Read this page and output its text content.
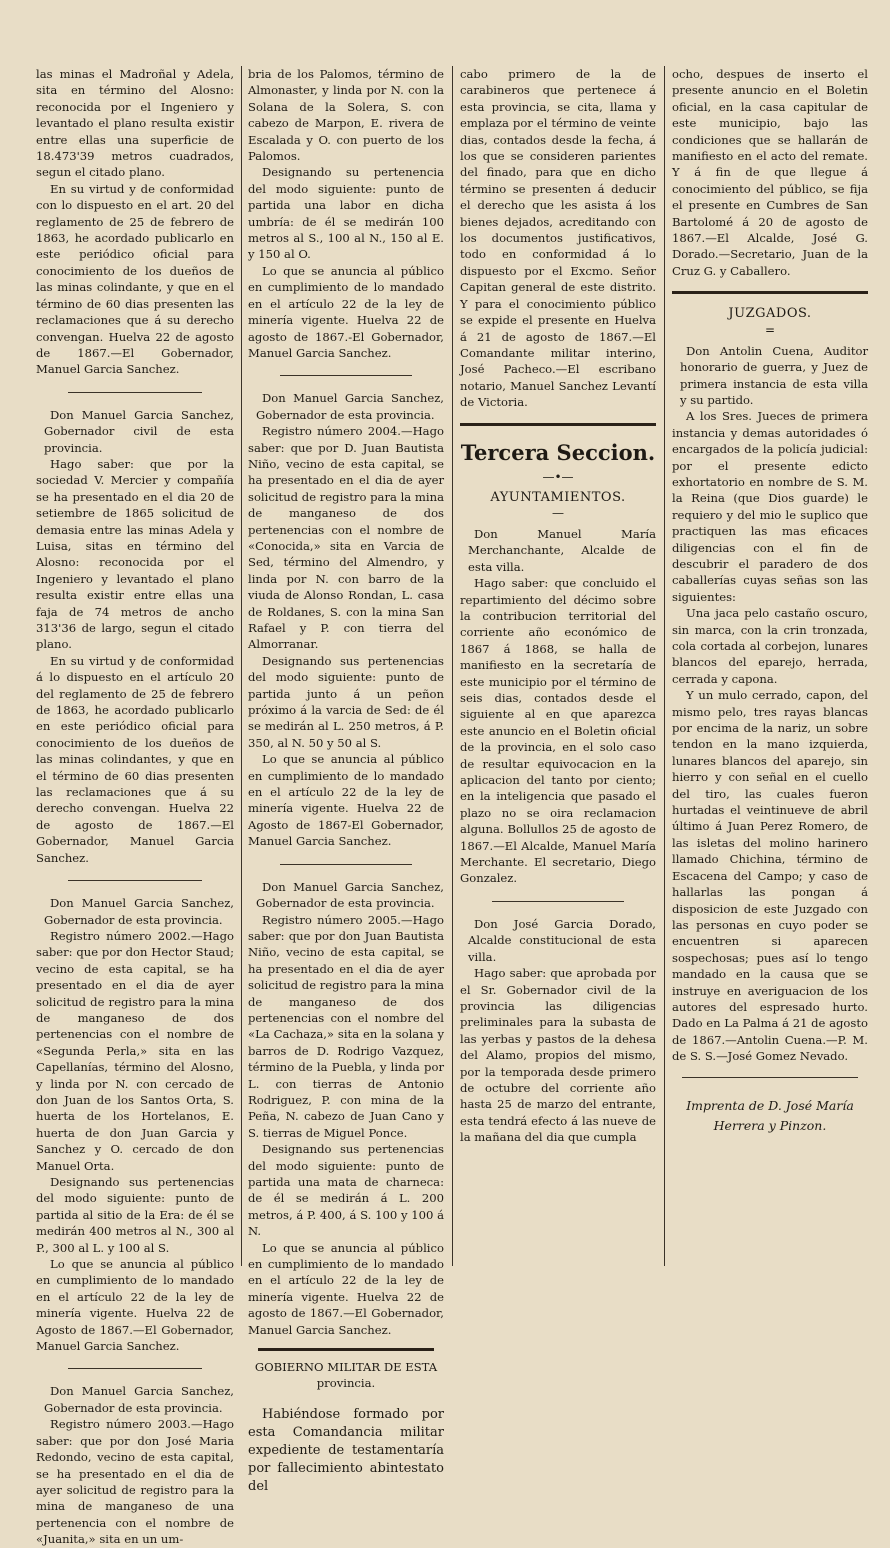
las minas el Madroñal y Adela, sita en término del Alosno: reconocida por el Ingeniero y levantado el plano resulta existir entre ellas una superficie de 18.473'39 metros cuadrados, segun el citado plano.

En su virtud y de conformidad con lo dispuesto en el art. 20 del reglamento de 25 de febrero de 1863, he acordado publicarlo en este periódico oficial para conocimiento de los dueños de las minas colindante, y que en el término de 60 dias presenten las reclamaciones que á su derecho convengan. Huelva 22 de agosto de 1867.—El Gobernador, Manuel Garcia Sanchez.

Don Manuel Garcia Sanchez, Gobernador civil de esta provincia.

Hago saber: que por la sociedad V. Mercier y compañía se ha presentado en el dia 20 de setiembre de 1865 solicitud de demasia entre las minas Adela y Luisa, sitas en término del Alosno: reconocida por el Ingeniero y levantado el plano resulta existir entre ellas una faja de 74 metros de ancho 313'36 de largo, segun el citado plano.

En su virtud y de conformidad á lo dispuesto en el artículo 20 del reglamento de 25 de febrero de 1863, he acordado publicarlo en este periódico oficial para conocimiento de los dueños de las minas colindantes, y que en el término de 60 dias presenten las reclamaciones que á su derecho convengan. Huelva 22 de agosto de 1867.—El Gobernador, Manuel Garcia Sanchez.

Don Manuel Garcia Sanchez, Gobernador de esta provincia.

Registro número 2002.—Hago saber: que por don Hector Staud; vecino de esta capital, se ha presentado en el dia de ayer solicitud de registro para la mina de manganeso de dos pertenencias con el nombre de «Segunda Perla,» sita en las Capellanías, término del Alosno, y linda por N. con cercado de don Juan de los Santos Orta, S. huerta de los Hortelanos, E. huerta de don Juan Garcia y Sanchez y O. cercado de don Manuel Orta.

Designando sus pertenencias del modo siguiente: punto de partida al sitio de la Era: de él se medirán 400 metros al N., 300 al P., 300 al L. y 100 al S.

Lo que se anuncia al público en cumplimiento de lo mandado en el artículo 22 de la ley de minería vigente. Huelva 22 de Agosto de 1867.—El Gobernador, Manuel Garcia Sanchez.

Don Manuel Garcia Sanchez, Gobernador de esta provincia.

Registro número 2003.—Hago saber: que por don José Maria Redondo, vecino de esta capital, se ha presentado en el dia de ayer solicitud de registro para la mina de manganeso de una pertenencia con el nombre de «Juanita,» sita en un um-

bria de los Palomos, término de Almonaster, y linda por N. con la Solana de la Solera, S. con cabezo de Marpon, E. rivera de Escalada y O. con puerto de los Palomos.

Designando su pertenencia del modo siguiente: punto de partida una labor en dicha umbría: de él se medirán 100 metros al S., 100 al N., 150 al E. y 150 al O.

Lo que se anuncia al público en cumplimiento de lo mandado en el artículo 22 de la ley de minería vigente. Huelva 22 de agosto de 1867.-El Gobernador, Manuel Garcia Sanchez.

Don Manuel Garcia Sanchez, Gobernador de esta provincia.

Registro número 2004.—Hago saber: que por D. Juan Bautista Niño, vecino de esta capital, se ha presentado en el dia de ayer solicitud de registro para la mina de manganeso de dos pertenencias con el nombre de «Conocida,» sita en Varcia de Sed, término del Almendro, y linda por N. con barro de la viuda de Alonso Rondan, L. casa de Roldanes, S. con la mina San Rafael y P. con tierra del Almorranar.

Designando sus pertenencias del modo siguiente: punto de partida junto á un peñon próximo á la varcia de Sed: de él se medirán al L. 250 metros, á P. 350, al N. 50 y 50 al S.

Lo que se anuncia al público en cumplimiento de lo mandado en el artículo 22 de la ley de minería vigente. Huelva 22 de Agosto de 1867-El Gobernador, Manuel Garcia Sanchez.

Don Manuel Garcia Sanchez, Gobernador de esta provincia.

Registro número 2005.—Hago saber: que por don Juan Bautista Niño, vecino de esta capital, se ha presentado en el dia de ayer solicitud de registro para la mina de manganeso de dos pertenencias con el nombre del «La Cachaza,» sita en la solana y barros de D. Rodrigo Vazquez, término de la Puebla, y linda por L. con tierras de Antonio Rodriguez, P. con mina de la Peña, N. cabezo de Juan Cano y S. tierras de Miguel Ponce.

Designando sus pertenencias del modo siguiente: punto de partida una mata de charneca: de él se medirán á L. 200 metros, á P. 400, á S. 100 y 100 á N.

Lo que se anuncia al público en cumplimiento de lo mandado en el artículo 22 de la ley de minería vigente. Huelva 22 de agosto de 1867.—El Gobernador, Manuel Garcia Sanchez.

GOBIERNO MILITAR DE ESTA

provincia.

Habiéndose formado por esta Comandancia militar expediente de testamentaría por fallecimiento abintestato del

cabo primero de la de carabineros que pertenece á esta provincia, se cita, llama y emplaza por el término de veinte dias, contados desde la fecha, á los que se consideren parientes del finado, para que en dicho término se presenten á deducir el derecho que les asista á los bienes dejados, acreditando con los documentos justificativos, todo en conformidad á lo dispuesto por el Excmo. Señor Capitan general de este distrito. Y para el conocimiento público se expide el presente en Huelva á 21 de agosto de 1867.—El Comandante militar interino, José Pacheco.—El escribano notario, Manuel Sanchez Levantí de Victoria.

Tercera Seccion.

—•—

AYUNTAMIENTOS.

—

Don Manuel María Merchanchante, Alcalde de esta villa.

Hago saber: que concluido el repartimiento del décimo sobre la contribucion territorial del corriente año económico de 1867 á 1868, se halla de manifiesto en la secretaría de este municipio por el término de seis dias, contados desde el siguiente al en que aparezca este anuncio en el Boletin oficial de la provincia, en el solo caso de resultar equivocacion en la aplicacion del tanto por ciento; en la inteligencia que pasado el plazo no se oira reclamacion alguna. Bollullos 25 de agosto de 1867.—El Alcalde, Manuel María Merchante. El secretario, Diego Gonzalez.

Don José Garcia Dorado, Alcalde constitucional de esta villa.

Hago saber: que aprobada por el Sr. Gobernador civil de la provincia las diligencias preliminales para la subasta de las yerbas y pastos de la dehesa del Alamo, propios del mismo, por la temporada desde primero de octubre del corriente año hasta 25 de marzo del entrante, esta tendrá efecto á las nueve de la mañana del dia que cumpla

ocho, despues de inserto el presente anuncio en el Boletin oficial, en la casa capitular de este municipio, bajo las condiciones que se hallarán de manifiesto en el acto del remate. Y á fin de que llegue á conocimiento del público, se fija el presente en Cumbres de San Bartolomé á 20 de agosto de 1867.—El Alcalde, José G. Dorado.—Secretario, Juan de la Cruz G. y Caballero.

JUZGADOS.

=

Don Antolin Cuena, Auditor honorario de guerra, y Juez de primera instancia de esta villa y su partido.

A los Sres. Jueces de primera instancia y demas autoridades ó encargados de la policía judicial: por el presente edicto exhortatorio en nombre de S. M. la Reina (que Dios guarde) le requiero y del mio le suplico que practiquen las mas eficaces diligencias con el fin de descubrir el paradero de dos caballerías cuyas señas son las siguientes:

Una jaca pelo castaño oscuro, sin marca, con la crin tronzada, cola cortada al corbejon, lunares blancos del eparejo, herrada, cerrada y capona.

Y un mulo cerrado, capon, del mismo pelo, tres rayas blancas por encima de la nariz, un sobre tendon en la mano izquierda, lunares blancos del aparejo, sin hierro y con señal en el cuello del tiro, las cuales fueron hurtadas el veintinueve de abril último á Juan Perez Romero, de las isletas del molino harinero llamado Chichina, término de Escacena del Campo; y caso de hallarlas las pongan á disposicion de este Juzgado con las personas en cuyo poder se encuentren si aparecen sospechosas; pues así lo tengo mandado en la causa que se instruye en averiguacion de los autores del espresado hurto. Dado en La Palma á 21 de agosto de 1867.—Antolin Cuena.—P. M. de S. S.—José Gomez Nevado.

Imprenta de D. José María

Herrera y Pinzon.
